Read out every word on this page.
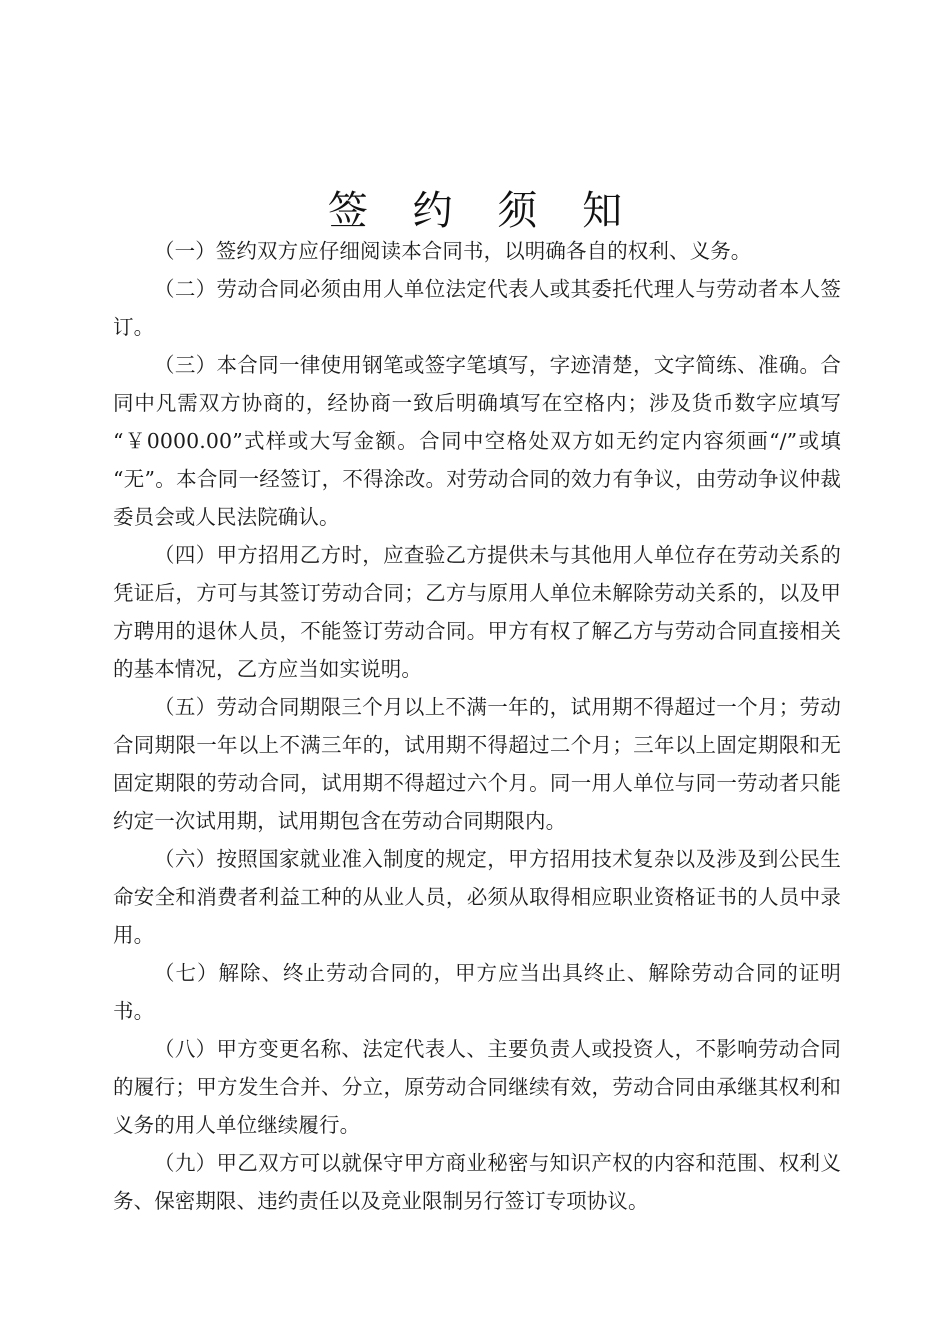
签 约 须 知

（一）签约双方应仔细阅读本合同书，以明确各自的权利、义务。

（二）劳动合同必须由用人单位法定代表人或其委托代理人与劳动者本人签订。

（三）本合同一律使用钢笔或签字笔填写，字迹清楚，文字简练、准确。合同中凡需双方协商的，经协商一致后明确填写在空格内；涉及货币数字应填写“￥0000.00”式样或大写金额。合同中空格处双方如无约定内容须画“/”或填“无”。本合同一经签订，不得涂改。对劳动合同的效力有争议，由劳动争议仲裁委员会或人民法院确认。

（四）甲方招用乙方时，应查验乙方提供未与其他用人单位存在劳动关系的凭证后，方可与其签订劳动合同；乙方与原用人单位未解除劳动关系的，以及甲方聘用的退休人员，不能签订劳动合同。甲方有权了解乙方与劳动合同直接相关的基本情况，乙方应当如实说明。

（五）劳动合同期限三个月以上不满一年的，试用期不得超过一个月；劳动合同期限一年以上不满三年的，试用期不得超过二个月；三年以上固定期限和无固定期限的劳动合同，试用期不得超过六个月。同一用人单位与同一劳动者只能约定一次试用期，试用期包含在劳动合同期限内。

（六）按照国家就业准入制度的规定，甲方招用技术复杂以及涉及到公民生命安全和消费者利益工种的从业人员，必须从取得相应职业资格证书的人员中录用。

（七）解除、终止劳动合同的，甲方应当出具终止、解除劳动合同的证明书。

（八）甲方变更名称、法定代表人、主要负责人或投资人，不影响劳动合同的履行；甲方发生合并、分立，原劳动合同继续有效，劳动合同由承继其权利和义务的用人单位继续履行。

（九）甲乙双方可以就保守甲方商业秘密与知识产权的内容和范围、权利义务、保密期限、违约责任以及竞业限制另行签订专项协议。
